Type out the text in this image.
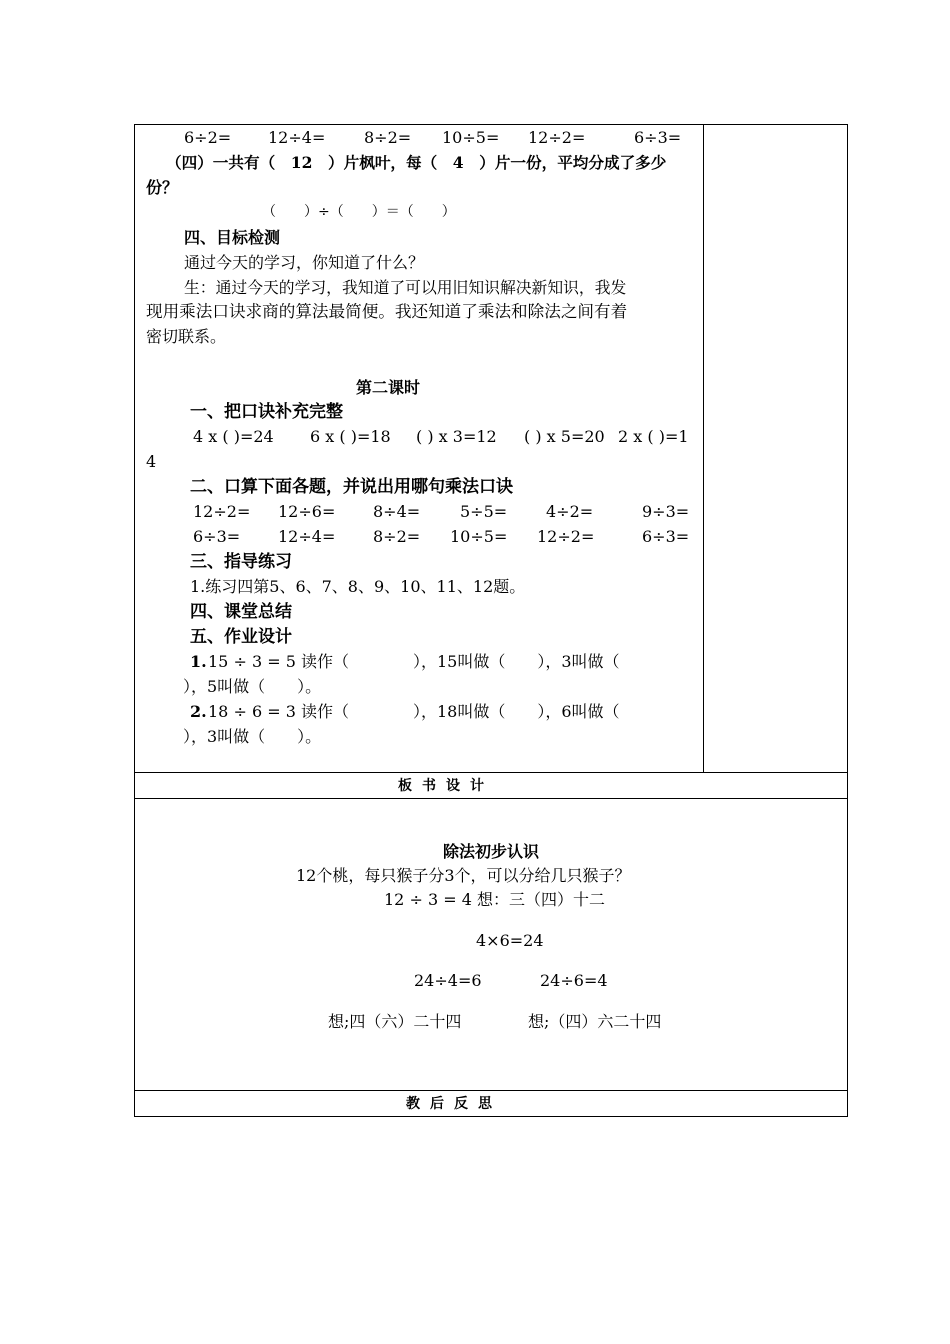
6÷2= 12÷4= 8÷2= 10÷5= 12÷2=	6÷3=
（四）一共有（　12　）片枫叶，每（　4　）片一份，平均分成了多少
份？
（　　）÷（　　）＝（　　）
四、目标检测
通过今天的学习，你知道了什么？
生：通过今天的学习，我知道了可以用旧知识解决新知识，我发
现用乘法口诀求商的算法最简便。我还知道了乘法和除法之间有着
密切联系。
第二课时
一、把口诀补充完整
4 x ( )=24 6 x ( )=18 ( ) x 3=12 ( ) x 5=20 2 x ( )=1
4
二、口算下面各题，并说出用哪句乘法口诀
12÷2= 12÷6= 8÷4= 5÷5= 4÷2=	9÷3=
6÷3= 12÷4= 8÷2= 10÷5= 12÷2=	6÷3=
三、指导练习
1.练习四第5、6、7、8、9、10、11、12题。
四、课堂总结
五、作业设计
1. 15 ÷ 3 = 5 读作（　　　　），15叫做（　　），3叫做（
），5叫做（　　）。
2. 18 ÷ 6 = 3 读作（　　　　），18叫做（　　），6叫做（
），3叫做（　　）。
板书设计
除法初步认识
12个桃，每只猴子分3个，可以分给几只猴子？
12 ÷ 3 = 4 想：三（四）十二
4×6=24
24÷4=6	24÷6=4
想;四（六）二十四	想;（四）六二十四
教后反思
